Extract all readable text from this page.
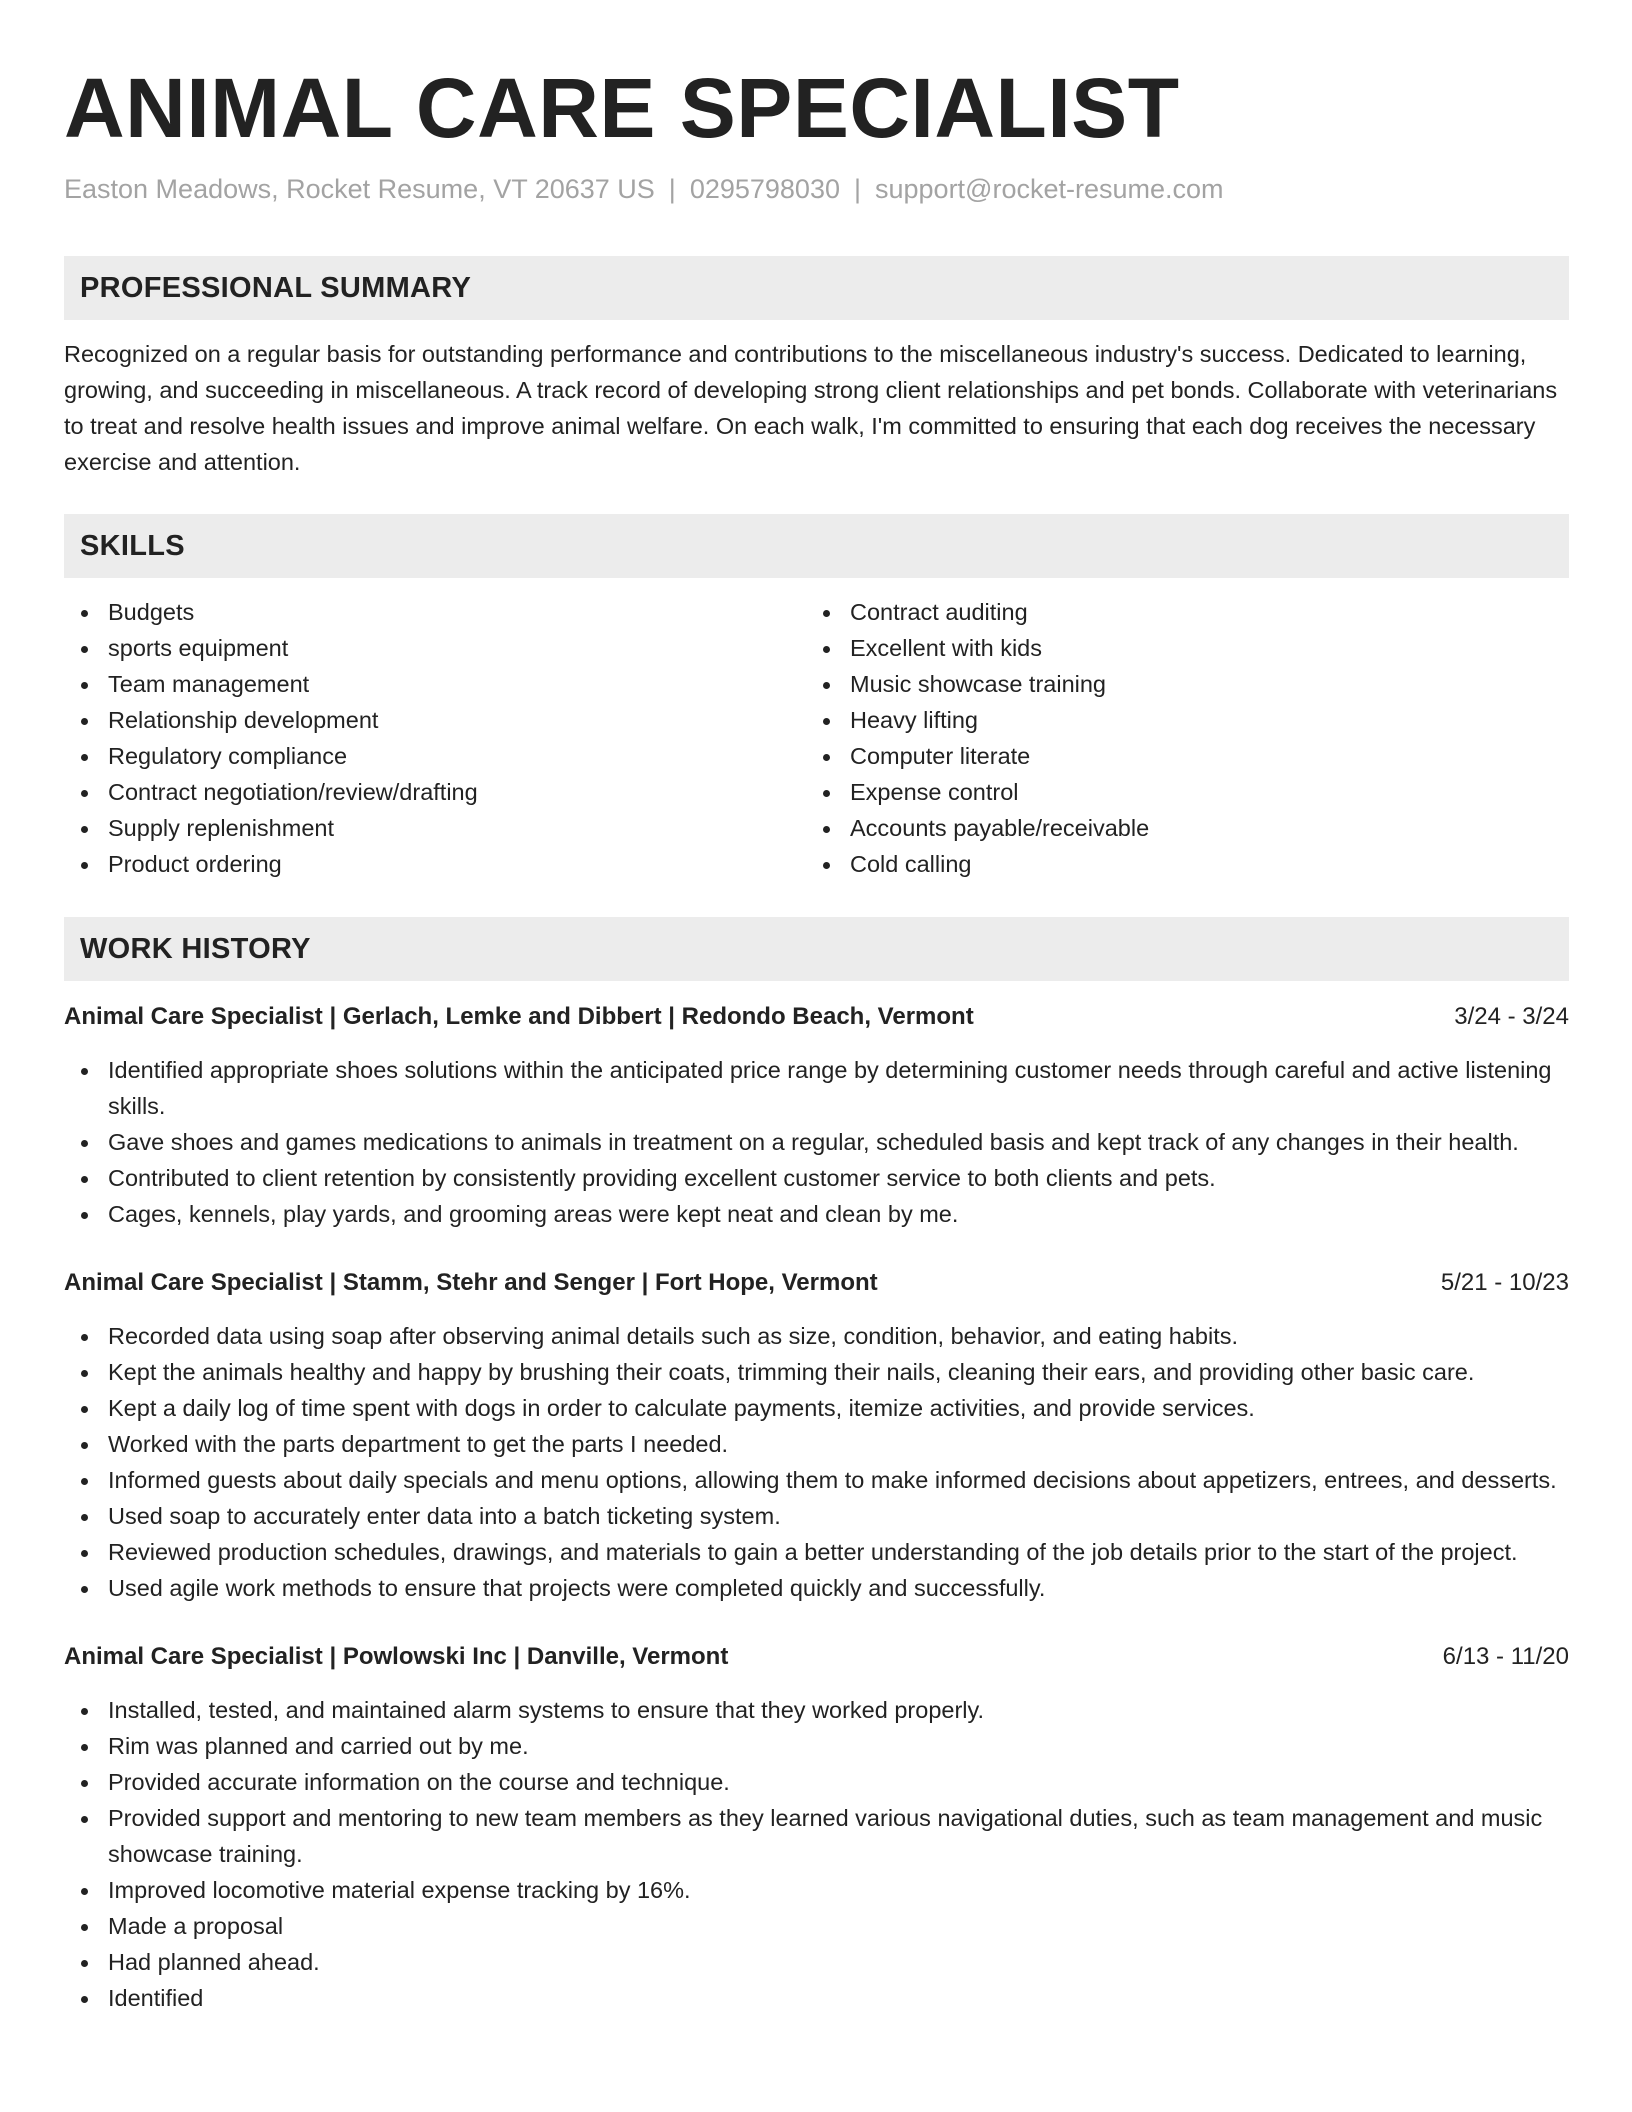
ANIMAL CARE SPECIALIST
Easton Meadows, Rocket Resume, VT 20637 US | 0295798030 | support@rocket-resume.com
PROFESSIONAL SUMMARY
Recognized on a regular basis for outstanding performance and contributions to the miscellaneous industry's success. Dedicated to learning, growing, and succeeding in miscellaneous. A track record of developing strong client relationships and pet bonds. Collaborate with veterinarians to treat and resolve health issues and improve animal welfare. On each walk, I'm committed to ensuring that each dog receives the necessary exercise and attention.
SKILLS
Budgets
sports equipment
Team management
Relationship development
Regulatory compliance
Contract negotiation/review/drafting
Supply replenishment
Product ordering
Contract auditing
Excellent with kids
Music showcase training
Heavy lifting
Computer literate
Expense control
Accounts payable/receivable
Cold calling
WORK HISTORY
Animal Care Specialist | Gerlach, Lemke and Dibbert | Redondo Beach, Vermont	3/24 - 3/24
Identified appropriate shoes solutions within the anticipated price range by determining customer needs through careful and active listening skills.
Gave shoes and games medications to animals in treatment on a regular, scheduled basis and kept track of any changes in their health.
Contributed to client retention by consistently providing excellent customer service to both clients and pets.
Cages, kennels, play yards, and grooming areas were kept neat and clean by me.
Animal Care Specialist | Stamm, Stehr and Senger | Fort Hope, Vermont	5/21 - 10/23
Recorded data using soap after observing animal details such as size, condition, behavior, and eating habits.
Kept the animals healthy and happy by brushing their coats, trimming their nails, cleaning their ears, and providing other basic care.
Kept a daily log of time spent with dogs in order to calculate payments, itemize activities, and provide services.
Worked with the parts department to get the parts I needed.
Informed guests about daily specials and menu options, allowing them to make informed decisions about appetizers, entrees, and desserts.
Used soap to accurately enter data into a batch ticketing system.
Reviewed production schedules, drawings, and materials to gain a better understanding of the job details prior to the start of the project.
Used agile work methods to ensure that projects were completed quickly and successfully.
Animal Care Specialist | Powlowski Inc | Danville, Vermont	6/13 - 11/20
Installed, tested, and maintained alarm systems to ensure that they worked properly.
Rim was planned and carried out by me.
Provided accurate information on the course and technique.
Provided support and mentoring to new team members as they learned various navigational duties, such as team management and music showcase training.
Improved locomotive material expense tracking by 16%.
Made a proposal
Had planned ahead.
Identified
